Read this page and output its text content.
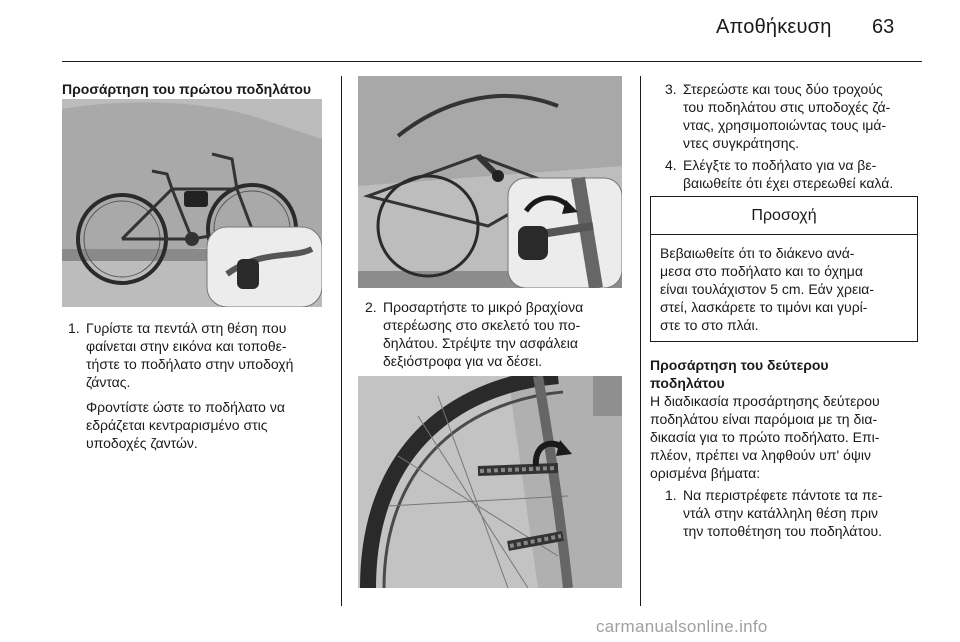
Αποθήκευση 63
Προσάρτηση του πρώτου ποδηλάτου
1. Γυρίστε τα πεντάλ στη θέση που
φαίνεται στην εικόνα και τοποθε‑
τήστε το ποδήλατο στην υποδοχή
ζάντας.
Φροντίστε ώστε το ποδήλατο να
εδράζεται κεντραρισμένο στις
υποδοχές ζαντών.
2. Προσαρτήστε το μικρό βραχίονα
στερέωσης στο σκελετό του πο‑
δηλάτου. Στρέψτε την ασφάλεια
δεξιόστροφα για να δέσει.
3. Στερεώστε και τους δύο τροχούς
του ποδηλάτου στις υποδοχές ζά‑
ντας, χρησιμοποιώντας τους ιμά‑
ντες συγκράτησης.
4. Ελέγξτε το ποδήλατο για να βε‑
βαιωθείτε ότι έχει στερεωθεί καλά.
Προσοχή
Βεβαιωθείτε ότι το διάκενο ανά‑
μεσα στο ποδήλατο και το όχημα
είναι τουλάχιστον 5 cm. Εάν χρεια‑
στεί, λασκάρετε το τιμόνι και γυρί‑
στε το στο πλάι.
Προσάρτηση του δεύτερου
ποδηλάτου
Η διαδικασία προσάρτησης δεύτερου
ποδηλάτου είναι παρόμοια με τη δια‑
δικασία για το πρώτο ποδήλατο. Επι‑
πλέον, πρέπει να ληφθούν υπ' όψιν
ορισμένα βήματα:
1. Να περιστρέφετε πάντοτε τα πε‑
ντάλ στην κατάλληλη θέση πριν
την τοποθέτηση του ποδηλάτου.
carmanualsonline.info
